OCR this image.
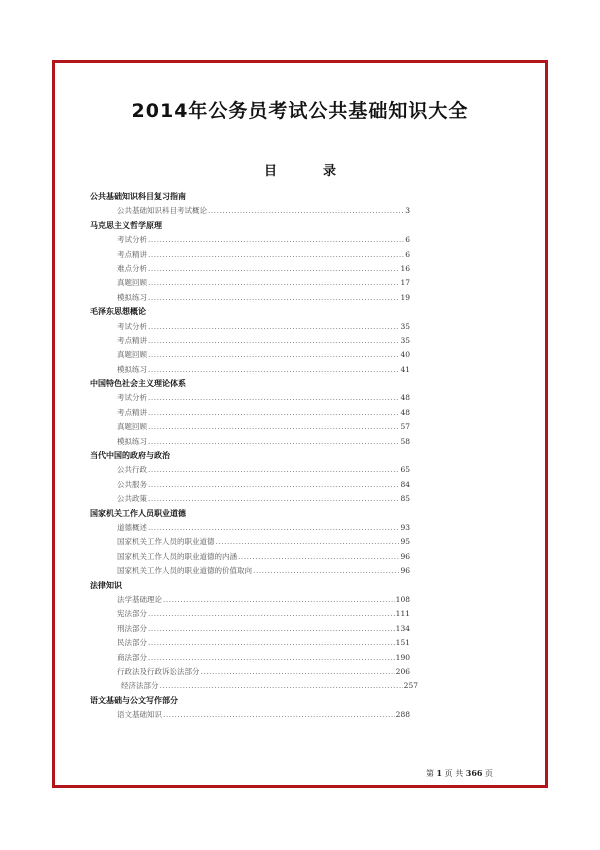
2014年公务员考试公共基础知识大全
目	录
公共基础知识科目复习指南
公共基础知识科目考试概论 .....	3
马克思主义哲学原理
考试分析 .....	6
考点精讲 .....	6
难点分析 .....	16
真题回顾 .....	17
模拟练习 .....	19
毛泽东思想概论
考试分析 .....	35
考点精讲 .....	35
真题回顾 .....	40
模拟练习 .....	41
中国特色社会主义理论体系
考试分析 .....	48
考点精讲 .....	48
真题回顾 .....	57
模拟练习 .....	58
当代中国的政府与政治
公共行政 .....	65
公共服务 .....	84
公共政策 .....	85
国家机关工作人员职业道德
道德概述 .....	93
国家机关工作人员的职业道德 .....	95
国家机关工作人员的职业道德的内涵 .....	96
国家机关工作人员的职业道德的价值取向 .....	96
法律知识
法学基础理论 .....	108
宪法部分 .....	111
刑法部分 .....	134
民法部分 .....	151
商法部分 .....	190
行政法及行政诉讼法部分 .....	206
经济法部分 .....	257
语文基础与公文写作部分
语文基础知识 .....	288
第 1 页 共 366 页
